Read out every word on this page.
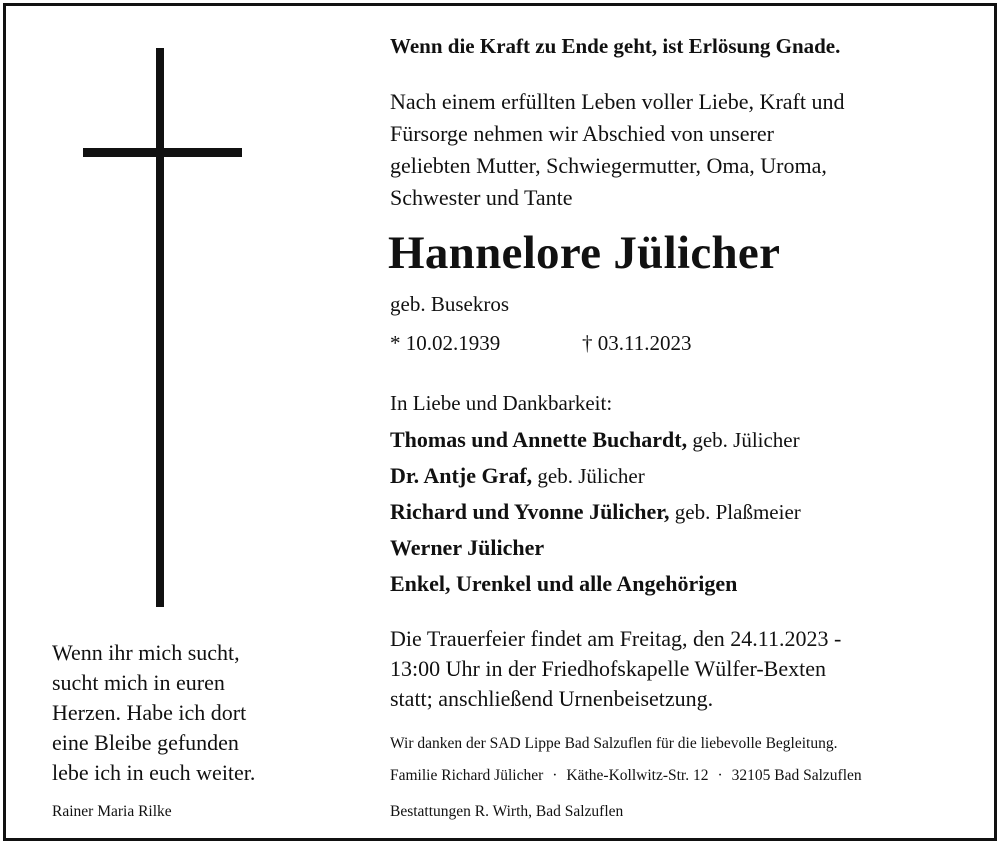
Wenn die Kraft zu Ende geht, ist Erlösung Gnade.
Nach einem erfüllten Leben voller Liebe, Kraft und
Fürsorge nehmen wir Abschied von unserer
geliebten Mutter, Schwiegermutter, Oma, Uroma,
Schwester und Tante
Hannelore Jülicher
geb. Busekros
* 10.02.1939	† 03.11.2023
In Liebe und Dankbarkeit:
Thomas und Annette Buchardt, geb. Jülicher
Dr. Antje Graf, geb. Jülicher
Richard und Yvonne Jülicher, geb. Plaßmeier
Werner Jülicher
Enkel, Urenkel und alle Angehörigen
Die Trauerfeier findet am Freitag, den 24.11.2023 -
13:00 Uhr in der Friedhofskapelle Wülfer-Bexten
statt; anschließend Urnenbeisetzung.
Wir danken der SAD Lippe Bad Salzuflen für die liebevolle Begleitung.
Familie Richard Jülicher · Käthe-Kollwitz-Str. 12 · 32105 Bad Salzuflen
Bestattungen R. Wirth, Bad Salzuflen
Wenn ihr mich sucht,
sucht mich in euren
Herzen. Habe ich dort
eine Bleibe gefunden
lebe ich in euch weiter.
Rainer Maria Rilke
